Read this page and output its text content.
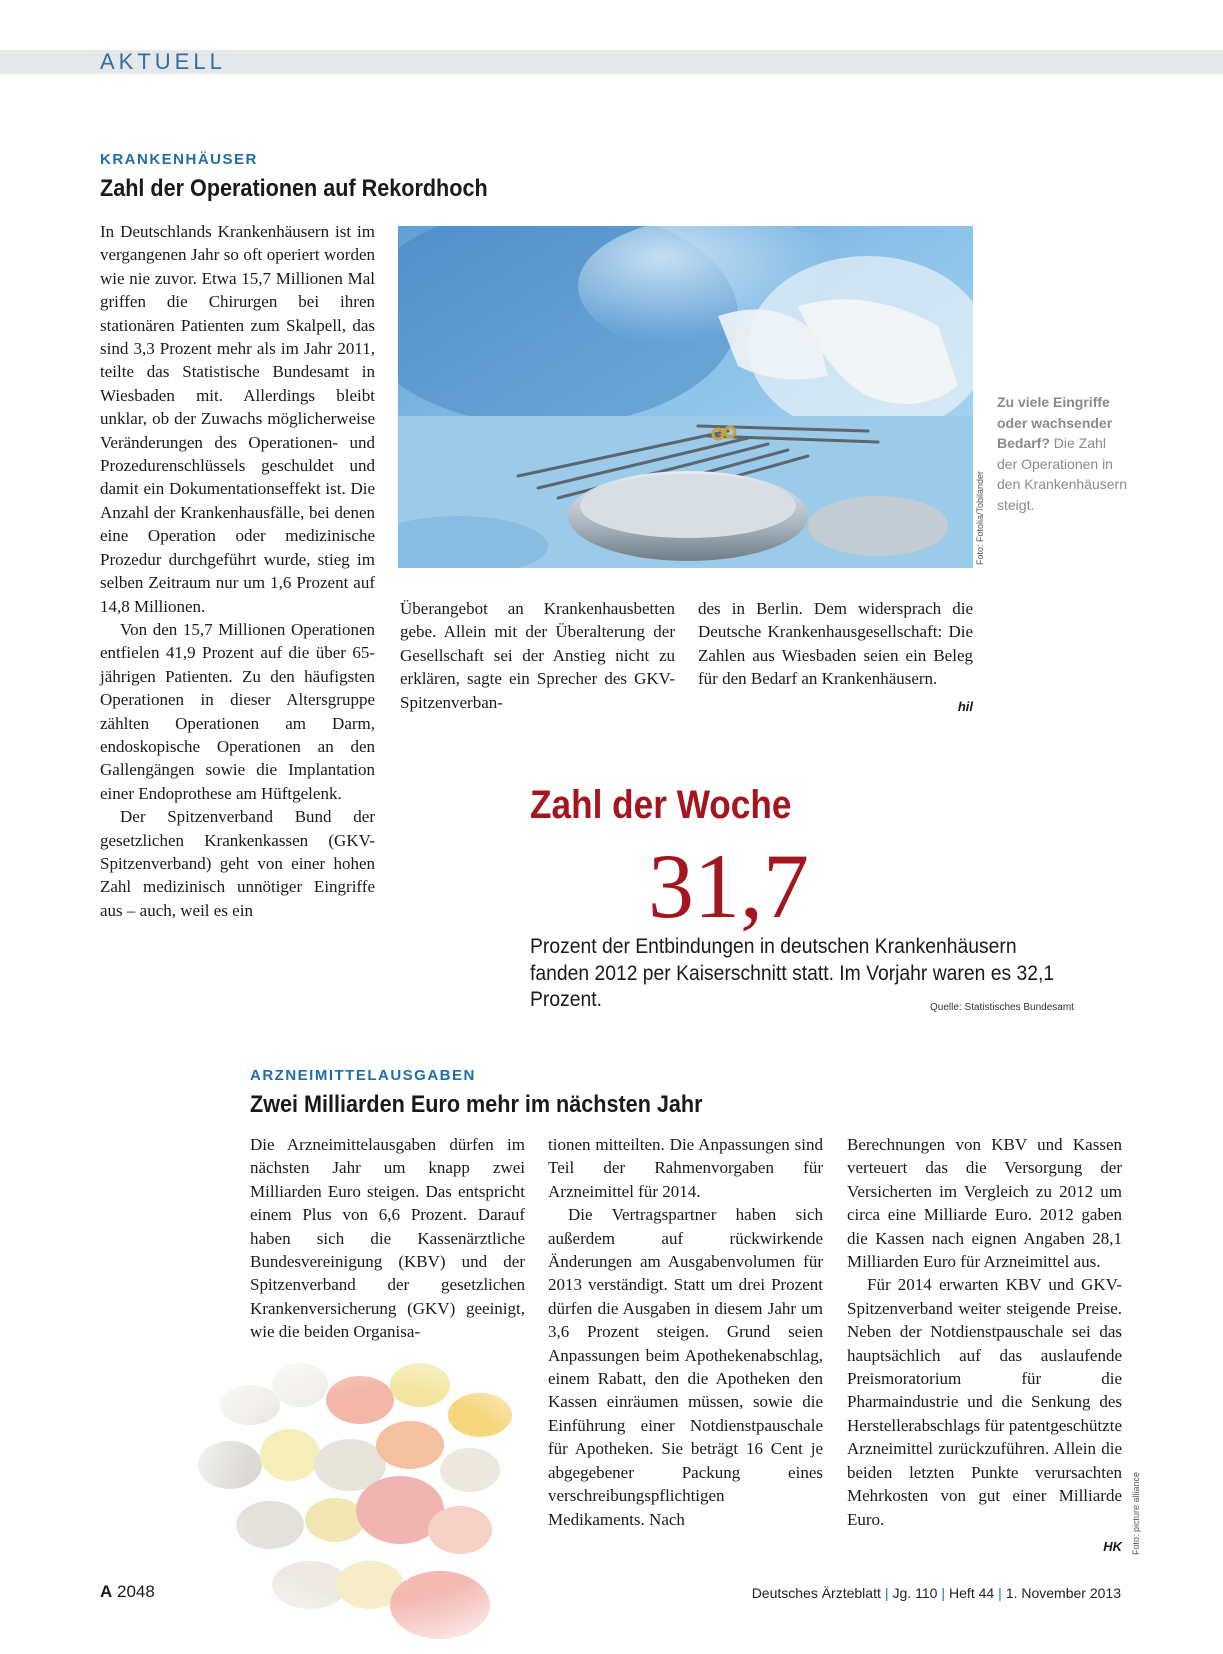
AKTUELL
KRANKENHÄUSER
Zahl der Operationen auf Rekordhoch

In Deutschlands Krankenhäusern ist im vergangenen Jahr so oft operiert worden wie nie zuvor. Etwa 15,7 Millionen Mal griffen die Chirurgen bei ihren stationären Patienten zum Skalpell, das sind 3,3 Prozent mehr als im Jahr 2011, teilte das Statistische Bundesamt in Wiesbaden mit. Allerdings bleibt unklar, ob der Zuwachs möglicherweise Veränderungen des Operationen- und Prozedurenschlüssels geschuldet und damit ein Dokumentationseffekt ist. Die Anzahl der Krankenhausfälle, bei denen eine Operation oder medizinische Prozedur durchgeführt wurde, stieg im selben Zeitraum nur um 1,6 Prozent auf 14,8 Millionen.

Von den 15,7 Millionen Operationen entfielen 41,9 Prozent auf die über 65-jährigen Patienten. Zu den häufigsten Operationen in dieser Altersgruppe zählten Operationen am Darm, endoskopische Operationen an den Gallengängen sowie die Implantation einer Endoprothese am Hüftgelenk.

Der Spitzenverband Bund der gesetzlichen Krankenkassen (GKV-Spitzenverband) geht von einer hohen Zahl medizinisch unnötiger Eingriffe aus – auch, weil es ein

Foto: Fotolia/Tobilander
Zu viele Eingriffe oder wachsender Bedarf? Die Zahl der Operationen in den Krankenhäusern steigt.

Überangebot an Krankenhausbetten gebe. Allein mit der Überalterung der Gesellschaft sei der Anstieg nicht zu erklären, sagte ein Sprecher des GKV-Spitzenverban-

des in Berlin. Dem widersprach die Deutsche Krankenhausgesellschaft: Die Zahlen aus Wiesbaden seien ein Beleg für den Bedarf an Krankenhäusern.

hil
Zahl der Woche
31,7
Prozent der Entbindungen in deutschen Krankenhäusern fanden 2012 per Kaiserschnitt statt. Im Vorjahr waren es 32,1 Prozent.	Quelle: Statistisches Bundesamt
ARZNEIMITTELAUSGABEN
Zwei Milliarden Euro mehr im nächsten Jahr

Die Arzneimittelausgaben dürfen im nächsten Jahr um knapp zwei Milliarden Euro steigen. Das entspricht einem Plus von 6,6 Prozent. Darauf haben sich die Kassenärztliche Bundesvereinigung (KBV) und der Spitzenverband der gesetzlichen Krankenversicherung (GKV) geeinigt, wie die beiden Organisa-

tionen mitteilten. Die Anpassungen sind Teil der Rahmenvorgaben für Arzneimittel für 2014.

Die Vertragspartner haben sich außerdem auf rückwirkende Änderungen am Ausgabenvolumen für 2013 verständigt. Statt um drei Prozent dürfen die Ausgaben in diesem Jahr um 3,6 Prozent steigen. Grund seien Anpassungen beim Apothekenabschlag, einem Rabatt, den die Apotheken den Kassen einräumen müssen, sowie die Einführung einer Notdienstpauschale für Apotheken. Sie beträgt 16 Cent je abgegebener Packung eines verschreibungspflichtigen Medikaments. Nach

Berechnungen von KBV und Kassen verteuert das die Versorgung der Versicherten im Vergleich zu 2012 um circa eine Milliarde Euro. 2012 gaben die Kassen nach eignen Angaben 28,1 Milliarden Euro für Arzneimittel aus.

Für 2014 erwarten KBV und GKV-Spitzenverband weiter steigende Preise. Neben der Notdienstpauschale sei das hauptsächlich auf das auslaufende Preismoratorium für die Pharmaindustrie und die Senkung des Herstellerabschlags für patentgeschützte Arzneimittel zurückzuführen. Allein die beiden letzten Punkte verursachten Mehrkosten von gut einer Milliarde Euro.

HK Foto: picture alliance
A 2048	Deutsches Ärzteblatt | Jg. 110 | Heft 44 | 1. November 2013
